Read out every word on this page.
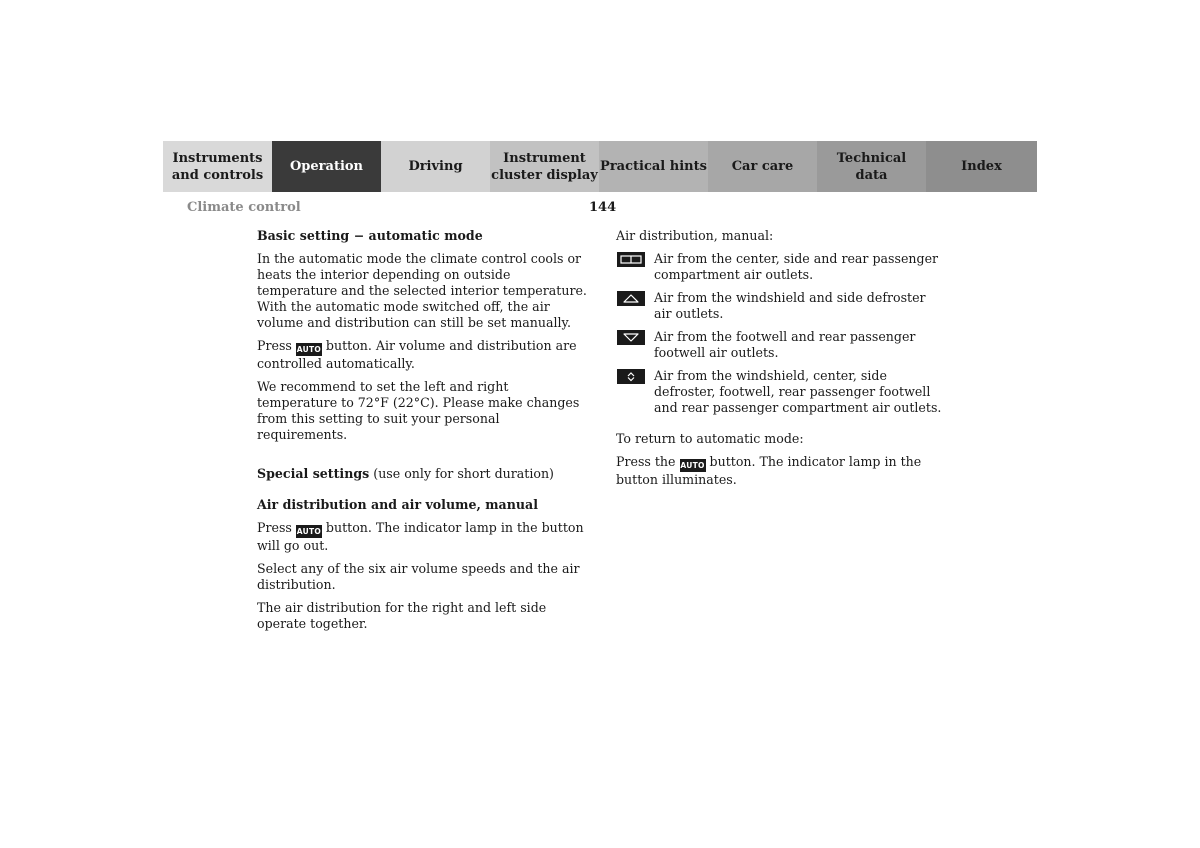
Instruments
and controls
Operation	Driving
Instrument
cluster display
Practical hints Car care
Technical
data
Index
Climate control	144

Basic setting − automatic mode

In the automatic mode the climate control cools or heats the interior depending on outside temperature and the selected interior temperature. With the automatic mode switched off, the air volume and distribution can still be set manually.

Press AUTO button. Air volume and distribution are controlled automatically.

We recommend to set the left and right temperature to 72°F (22°C). Please make changes from this setting to suit your personal requirements.

Special settings (use only for short duration)

Air distribution and air volume, manual

Press AUTO button. The indicator lamp in the button will go out.

Select any of the six air volume speeds and the air distribution.

The air distribution for the right and left side operate together.

Air distribution, manual:

Air from the center, side and rear passenger compartment air outlets.
Air from the windshield and side defroster air outlets.
Air from the footwell and rear passenger footwell air outlets.
Air from the windshield, center, side defroster, footwell, rear passenger footwell and rear passenger compartment air outlets.

To return to automatic mode:

Press the AUTO button. The indicator lamp in the button illuminates.
